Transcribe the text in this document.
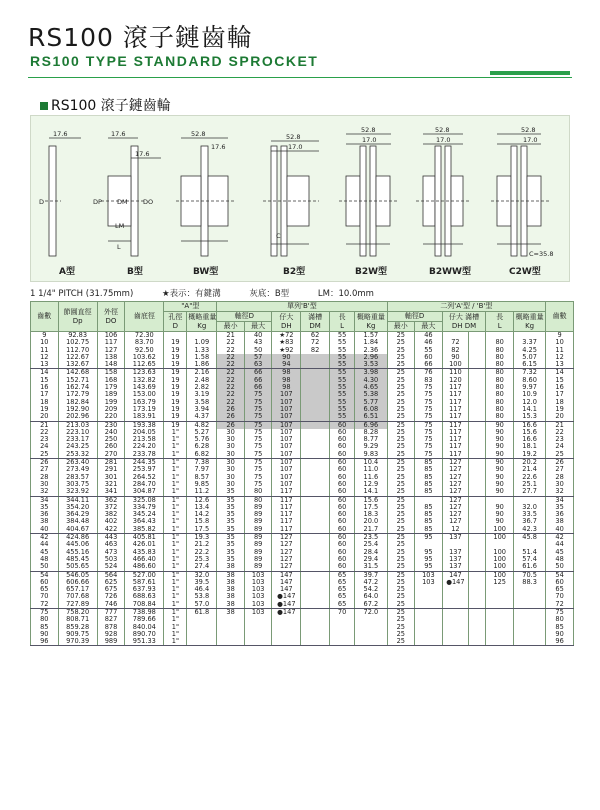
RS100 滾子鏈齒輪
RS100 TYPE STANDARD SPROCKET
RS100 滾子鏈齒輪
17.6	17.6
17.6
52.8
17.6
52.8
17.0
52.8
17.0
52.8
17.0
52.8
17.0
C=35.8
D	DP	DO
DM
LM
L
C
A型	B型	BW型	B2型	B2W型	B2WW型	C2W型
1 1/4" PITCH (31.75mm)	★表示：有鍵溝	灰底：B型	LM：10.0mm
齒數	節圓直徑
Dp	外徑
DO	齒底徑	"A"型		單列'B'型						二列'A'型 / 'B'型						齒數
				孔徑
D	概略重量
Kg	軸徑D		仔大
DH	滿槽
DM	長
L	概略重量
Kg	軸徑D		仔大 滿槽
DH DM		長
L	概略重量
Kg	
						最小	最大					最小	最大					
9	92.83	106	72.30			21	40	★72	62	55	1.57	25	46					9
10	102.75	117	83.70	19	1.09	22	43	★83	72	55	1.84	25	46	72		80	3.37	10
11	112.70	127	92.50	19	1.33	22	50	★92	82	55	2.36	25	55	82		80	4.25	11
12	122.67	138	103.62	19	1.58	22	57	90		55	2.96	25	60	90		80	5.07	12
13	132.67	148	112.65	19	1.86	22	63	94		55	3.53	25	66	100		80	6.15	13
14	142.68	158	123.63	19	2.16	22	66	98		55	3.98	25	76	110		80	7.32	14
15	152.71	168	132.82	19	2.48	22	66	98		55	4.30	25	83	120		80	8.60	15
16	162.74	179	143.69	19	2.82	22	66	98		55	4.65	25	75	117		80	9.97	16
17	172.79	189	153.00	19	3.19	22	75	107		55	5.38	25	75	117		80	10.9	17
18	182.84	199	163.79	19	3.58	22	75	107		55	5.77	25	75	117		80	12.0	18
19	192.90	209	173.19	19	3.94	26	75	107		55	6.08	25	75	117		80	14.1	19
20	202.96	220	183.91	19	4.37	26	75	107		55	6.51	25	75	117		80	15.3	20
21	213.03	230	193.38	19	4.82	26	75	107		60	6.96	25	75	117		90	16.6	21
22	223.10	240	204.05	1"	5.27	30	75	107		60	8.28	25	75	117		90	15.6	22
23	233.17	250	213.58	1"	5.76	30	75	107		60	8.77	25	75	117		90	16.6	23
24	243.25	260	224.20	1"	6.28	30	75	107		60	9.29	25	75	117		90	18.1	24
25	253.32	270	233.78	1"	6.82	30	75	107		60	9.83	25	75	117		90	19.2	25
26	263.40	281	244.35	1"	7.38	30	75	107		60	10.4	25	85	127		90	20.2	26
27	273.49	291	253.97	1"	7.97	30	75	107		60	11.0	25	85	127		90	21.4	27
28	283.57	301	264.52	1"	8.57	30	75	107		60	11.6	25	85	127		90	22.6	28
30	303.75	321	284.70	1"	9.85	30	75	107		60	12.9	25	85	127		90	25.1	30
32	323.92	341	304.87	1"	11.2	35	80	117		60	14.1	25	85	127		90	27.7	32
34	344.11	362	325.08	1"	12.6	35	80	117		60	15.6	25		127				34
35	354.20	372	334.79	1"	13.4	35	89	117		60	17.5	25	85	127		90	32.0	35
36	364.29	382	345.24	1"	14.2	35	89	117		60	18.3	25	85	127		90	33.5	36
38	384.48	402	364.43	1"	15.8	35	89	117		60	20.0	25	85	127		90	36.7	38
40	404.67	422	385.82	1"	17.5	35	89	117		60	21.7	25	85	12		100	42.3	40
42	424.86	443	405.81	1"	19.3	35	89	127		60	23.5	25	95	137		100	45.8	42
44	445.06	463	426.01	1"	21.2	35	89	127		60	25.4	25						44
45	455.16	473	435.83	1"	22.2	35	89	127		60	28.4	25	95	137		100	51.4	45
48	485.45	503	466.40	1"	25.3	35	89	127		60	29.4	25	95	137		100	57.4	48
50	505.65	524	486.60	1"	27.4	38	89	127		60	31.5	25	95	137		100	61.6	50
54	546.05	564	527.00	1"	32.0	38	103	147		65	39.7	25	103	147		100	70.5	54
60	606.66	625	587.61	1"	39.5	38	103	147		65	47.2	25	103	●147		125	88.3	60
65	657.17	675	637.93	1"	46.4	38	103	147		65	54.2	25						65
70	707.68	726	688.63	1"	53.8	38	103	●147		65	64.0	25						70
72	727.89	746	708.84	1"	57.0	38	103	●147		65	67.2	25						72
75	758.20	777	738.98	1"	61.8	38	103	●147		70	72.0	25						75
80	808.71	827	789.66	1"								25						80
85	859.28	878	840.04	1"								25						85
90	909.75	928	890.70	1"								25						90
96	970.39	989	951.33	1"								25						96
